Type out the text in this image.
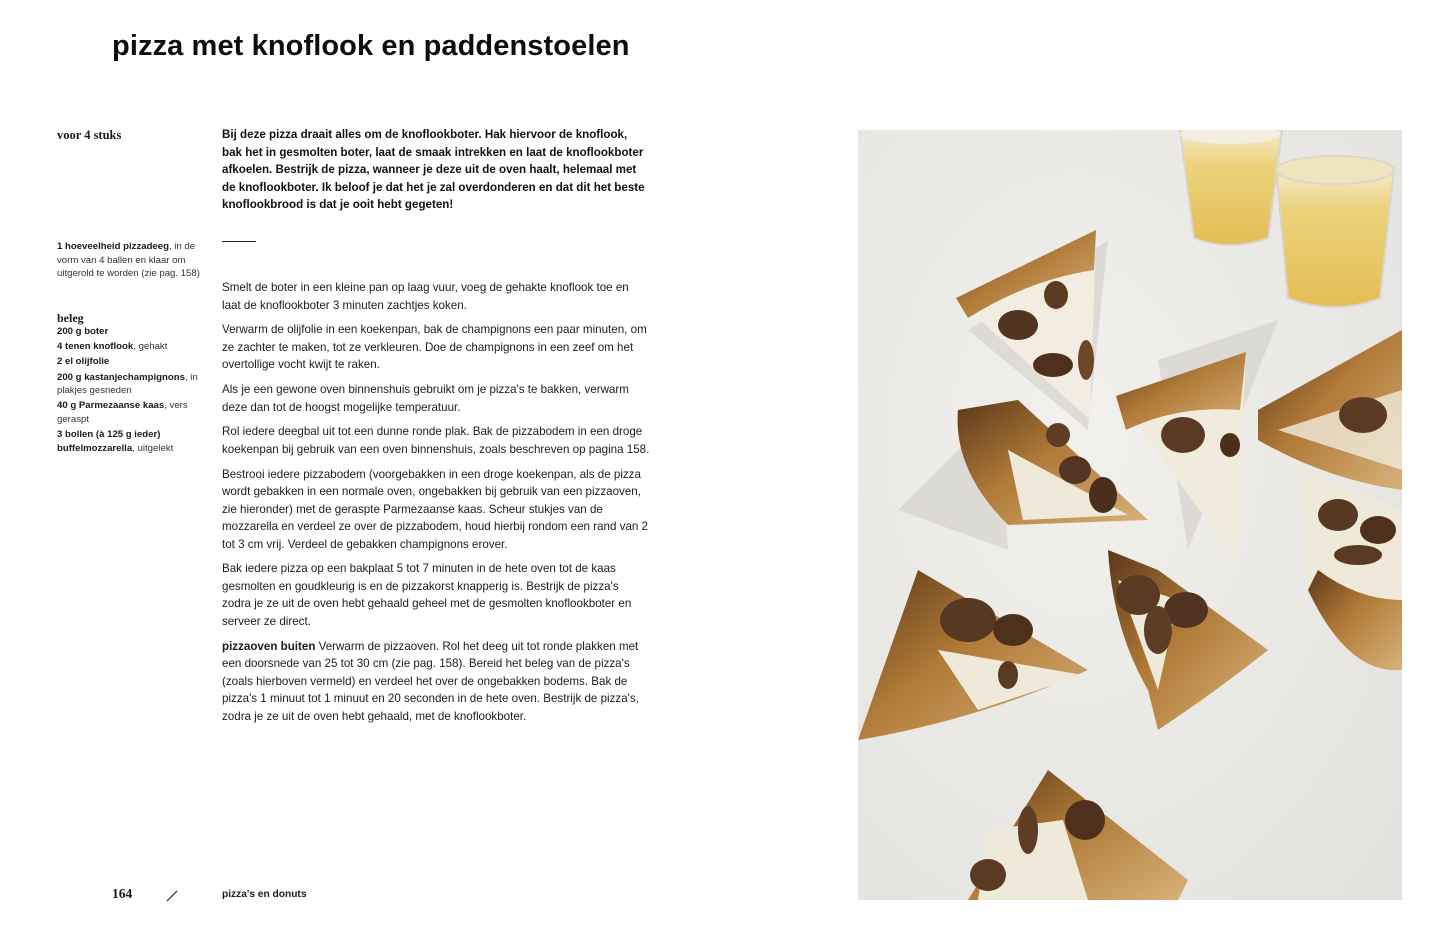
pizza met knoflook en paddenstoelen
voor 4 stuks
1 hoeveelheid pizzadeeg, in de vorm van 4 ballen en klaar om uitgerold te worden (zie pag. 158)
beleg
200 g boter
4 tenen knoflook, gehakt
2 el olijfolie
200 g kastanjechampignons, in plakjes gesneden
40 g Parmezaanse kaas, vers geraspt
3 bollen (à 125 g ieder) buffelmozzarella, uitgelekt

Bij deze pizza draait alles om de knoflookboter. Hak hiervoor de knoflook, bak het in gesmolten boter, laat de smaak intrekken en laat de knoflookboter afkoelen. Bestrijk de pizza, wanneer je deze uit de oven haalt, helemaal met de knoflookboter. Ik beloof je dat het je zal overdonderen en dat dit het beste knoflookbrood is dat je ooit hebt gegeten!

Smelt de boter in een kleine pan op laag vuur, voeg de gehakte knoflook toe en laat de knoflookboter 3 minuten zachtjes koken.

Verwarm de olijfolie in een koekenpan, bak de champignons een paar minuten, om ze zachter te maken, tot ze verkleuren. Doe de champignons in een zeef om het overtollige vocht kwijt te raken.

Als je een gewone oven binnenshuis gebruikt om je pizza's te bakken, verwarm deze dan tot de hoogst mogelijke temperatuur.

Rol iedere deegbal uit tot een dunne ronde plak. Bak de pizzabodem in een droge koekenpan bij gebruik van een oven binnenshuis, zoals beschreven op pagina 158.

Bestrooi iedere pizzabodem (voorgebakken in een droge koekenpan, als de pizza wordt gebakken in een normale oven, ongebakken bij gebruik van een pizzaoven, zie hieronder) met de geraspte Parmezaanse kaas. Scheur stukjes van de mozzarella en verdeel ze over de pizzabodem, houd hierbij rondom een rand van 2 tot 3 cm vrij. Verdeel de gebakken champignons erover.

Bak iedere pizza op een bakplaat 5 tot 7 minuten in de hete oven tot de kaas gesmolten en goudkleurig is en de pizzakorst knapperig is. Bestrijk de pizza's zodra je ze uit de oven hebt gehaald geheel met de gesmolten knoflookboter en serveer ze direct.

pizzaoven buiten Verwarm de pizzaoven. Rol het deeg uit tot ronde plakken met een doorsnede van 25 tot 30 cm (zie pag. 158). Bereid het beleg van de pizza's (zoals hierboven vermeld) en verdeel het over de ongebakken bodems. Bak de pizza's 1 minuut tot 1 minuut en 20 seconden in de hete oven. Bestrijk de pizza's, zodra je ze uit de oven hebt gehaald, met de knoflookboter.

164	pizza's en donuts
